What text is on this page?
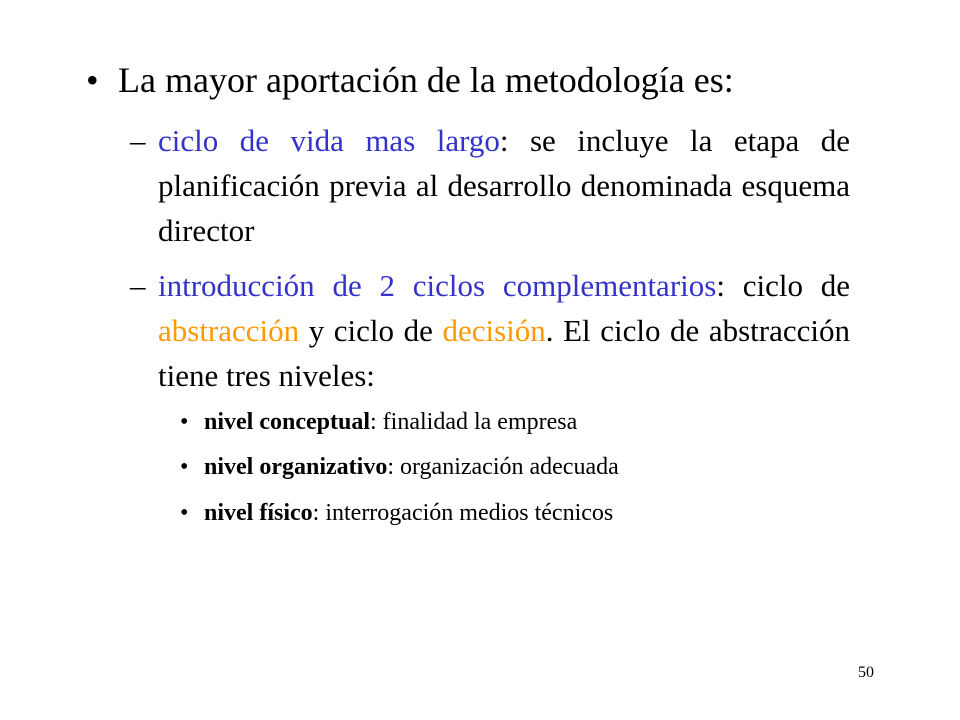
• La mayor aportación de la metodología es:
– ciclo de vida mas largo: se incluye la etapa de planificación previa al desarrollo denominada esquema director
– introducción de 2 ciclos complementarios: ciclo de abstracción y ciclo de decisión. El ciclo de abstracción tiene tres niveles:
• nivel conceptual: finalidad la empresa
• nivel organizativo: organización adecuada
• nivel físico: interrogación medios técnicos
50
